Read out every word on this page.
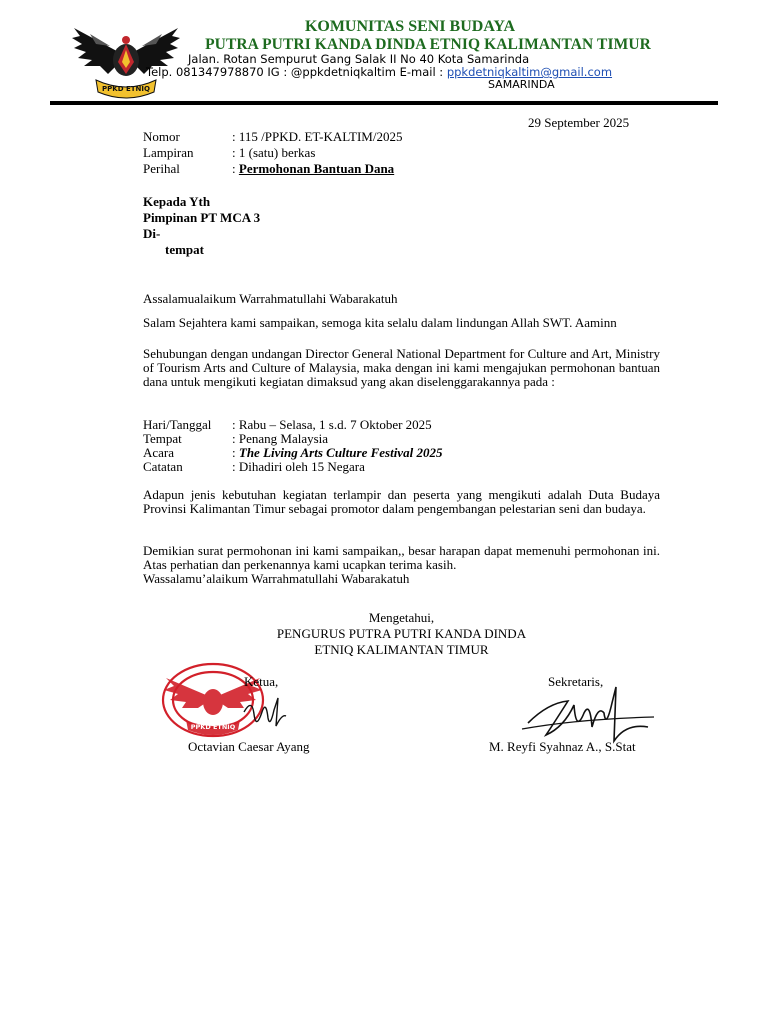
PPKD ETNIQ
KOMUNITAS SENI BUDAYA
PUTRA PUTRI KANDA DINDA ETNIQ KALIMANTAN TIMUR
Jalan. Rotan Sempurut Gang Salak II No 40 Kota Samarinda
Telp. 081347978870 IG : @ppkdetniqkaltim E-mail : ppkdetniqkaltim@gmail.com
SAMARINDA
29 September 2025
Nomor	: 115 /PPKD. ET-KALTIM/2025
Lampiran	: 1 (satu) berkas
Perihal	: Permohonan Bantuan Dana
Kepada Yth
Pimpinan PT MCA 3
Di-
tempat
Assalamualaikum Warrahmatullahi Wabarakatuh
Salam Sejahtera kami sampaikan, semoga kita selalu dalam lindungan Allah SWT. Aaminn
Sehubungan dengan undangan Director General National Department for Culture and Art, Ministry of Tourism Arts and Culture of Malaysia, maka dengan ini kami mengajukan permohonan bantuan dana untuk mengikuti kegiatan dimaksud yang akan diselenggarakannya pada :
Hari/Tanggal : Rabu – Selasa, 1 s.d. 7 Oktober 2025
Tempat	: Penang Malaysia
Acara	: The Living Arts Culture Festival 2025
Catatan	: Dihadiri oleh 15 Negara
Adapun jenis kebutuhan kegiatan terlampir dan peserta yang mengikuti adalah Duta Budaya Provinsi Kalimantan Timur sebagai promotor dalam pengembangan pelestarian seni dan budaya.
Demikian surat permohonan ini kami sampaikan,, besar harapan dapat memenuhi permohonan ini. Atas perhatian dan perkenannya kami ucapkan terima kasih.
Wassalamu’alaikum Warrahmatullahi Wabarakatuh
Mengetahui,
PENGURUS PUTRA PUTRI KANDA DINDA
ETNIQ KALIMANTAN TIMUR
PPKD ETNIQ
Ketua,	Sekretaris,
Octavian Caesar Ayang	M. Reyfi Syahnaz A., S.Stat
